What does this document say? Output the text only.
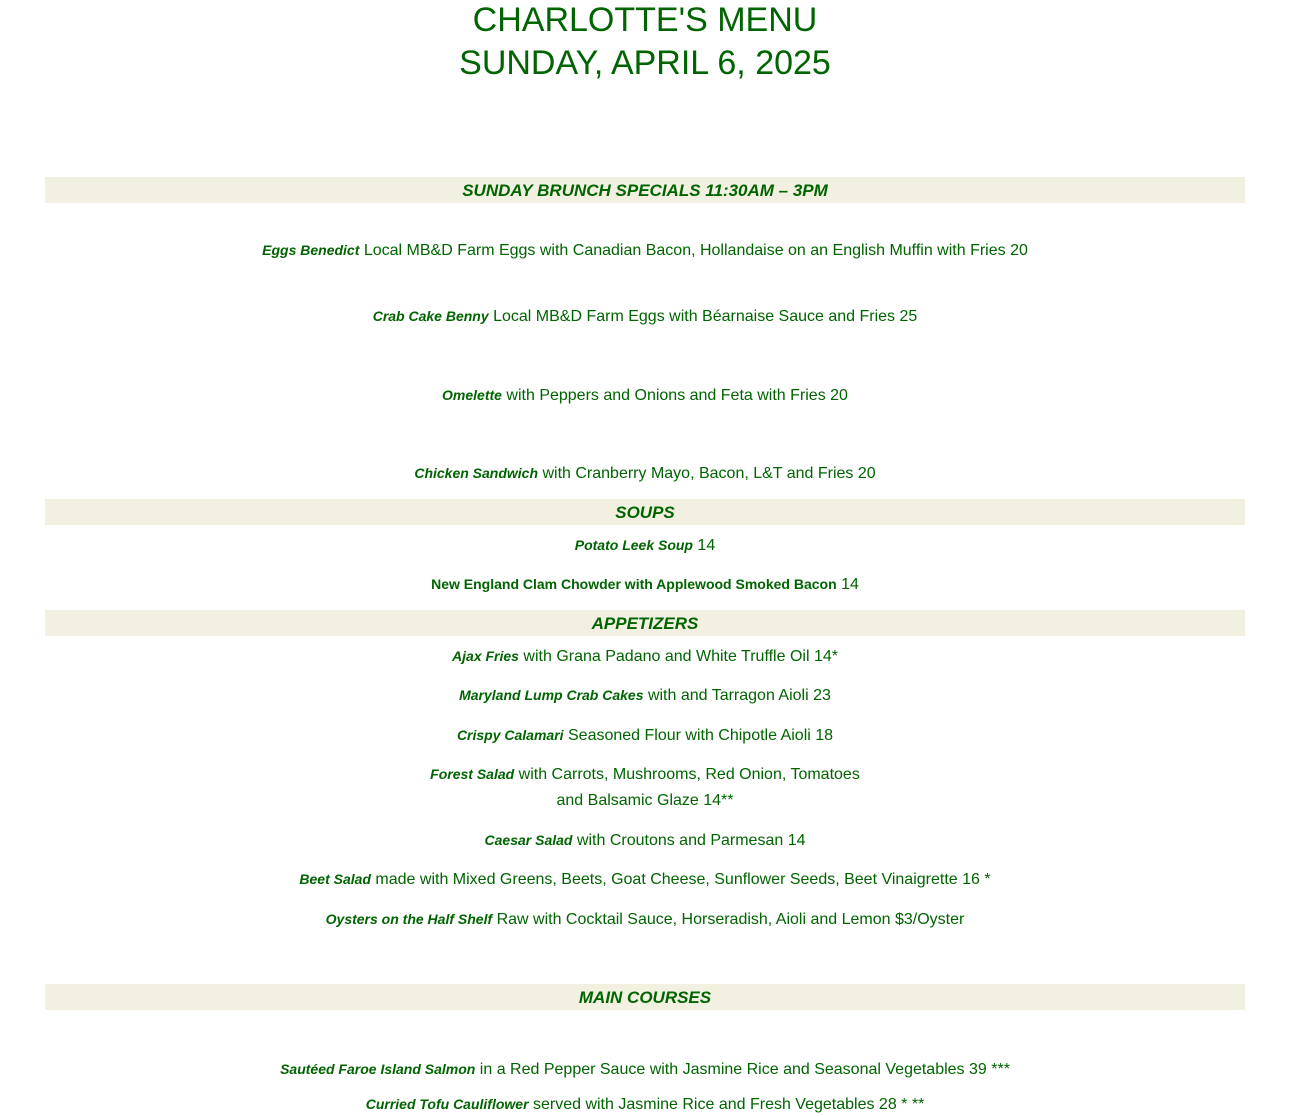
CHARLOTTE'S MENU
SUNDAY, APRIL 6, 2025
SUNDAY BRUNCH SPECIALS 11:30AM – 3PM
Eggs Benedict Local MB&D Farm Eggs with Canadian Bacon, Hollandaise on an English Muffin with Fries 20
Crab Cake Benny Local MB&D Farm Eggs with Béarnaise Sauce and Fries 25
Omelette with Peppers and Onions and Feta with Fries 20
Chicken Sandwich with Cranberry Mayo, Bacon, L&T and Fries 20
SOUPS
Potato Leek Soup 14
New England Clam Chowder with Applewood Smoked Bacon 14
APPETIZERS
Ajax Fries with Grana Padano and White Truffle Oil 14*
Maryland Lump Crab Cakes with and Tarragon Aioli 23
Crispy Calamari Seasoned Flour with Chipotle Aioli 18
Forest Salad with Carrots, Mushrooms, Red Onion, Tomatoes
and Balsamic Glaze 14**
Caesar Salad with Croutons and Parmesan 14
Beet Salad made with Mixed Greens, Beets, Goat Cheese, Sunflower Seeds, Beet Vinaigrette 16 *
Oysters on the Half Shelf Raw with Cocktail Sauce, Horseradish, Aioli and Lemon $3/Oyster
MAIN COURSES
Sautéed Faroe Island Salmon in a Red Pepper Sauce with Jasmine Rice and Seasonal Vegetables 39 ***
Curried Tofu Cauliflower served with Jasmine Rice and Fresh Vegetables 28 * **
